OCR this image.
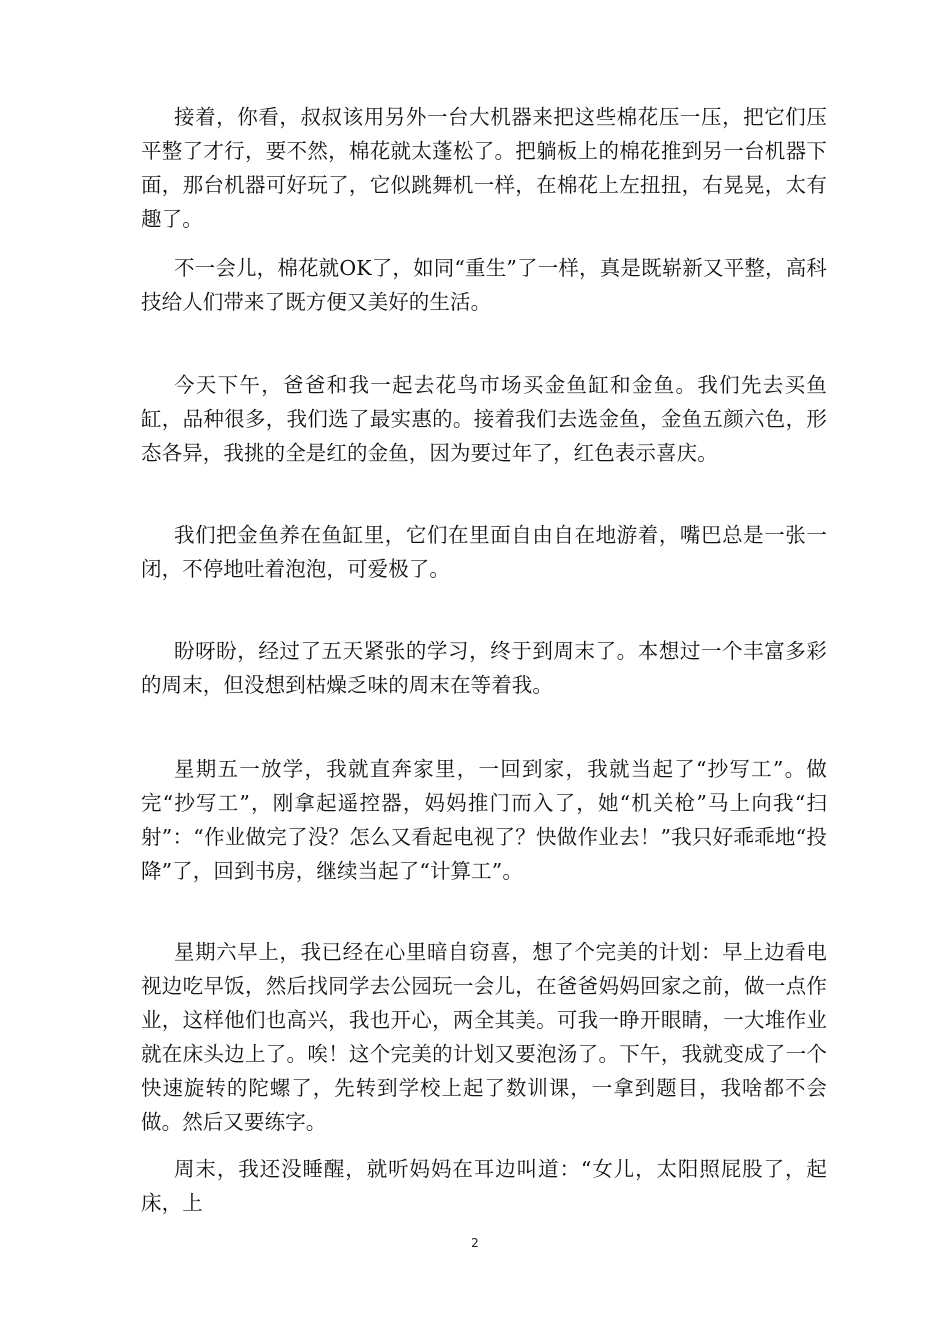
接着，你看，叔叔该用另外一台大机器来把这些棉花压一压，把它们压平整了才行，要不然，棉花就太蓬松了。把躺板上的棉花推到另一台机器下面，那台机器可好玩了，它似跳舞机一样，在棉花上左扭扭，右晃晃，太有趣了。

不一会儿，棉花就OK了，如同“重生”了一样，真是既崭新又平整，高科技给人们带来了既方便又美好的生活。

今天下午，爸爸和我一起去花鸟市场买金鱼缸和金鱼。我们先去买鱼缸，品种很多，我们选了最实惠的。接着我们去选金鱼，金鱼五颜六色，形态各异，我挑的全是红的金鱼，因为要过年了，红色表示喜庆。

我们把金鱼养在鱼缸里，它们在里面自由自在地游着，嘴巴总是一张一闭，不停地吐着泡泡，可爱极了。

盼呀盼，经过了五天紧张的学习，终于到周末了。本想过一个丰富多彩的周末，但没想到枯燥乏味的周末在等着我。

星期五一放学，我就直奔家里，一回到家，我就当起了“抄写工”。做完“抄写工”，刚拿起遥控器，妈妈推门而入了，她“机关枪”马上向我“扫射”：“作业做完了没？怎么又看起电视了？快做作业去！”我只好乖乖地“投降”了，回到书房，继续当起了“计算工”。

星期六早上，我已经在心里暗自窃喜，想了个完美的计划：早上边看电视边吃早饭，然后找同学去公园玩一会儿，在爸爸妈妈回家之前，做一点作业，这样他们也高兴，我也开心，两全其美。可我一睁开眼睛，一大堆作业就在床头边上了。唉！这个完美的计划又要泡汤了。下午，我就变成了一个快速旋转的陀螺了，先转到学校上起了数训课，一拿到题目，我啥都不会做。然后又要练字。

周末，我还没睡醒，就听妈妈在耳边叫道：“女儿，太阳照屁股了，起床，上

2
